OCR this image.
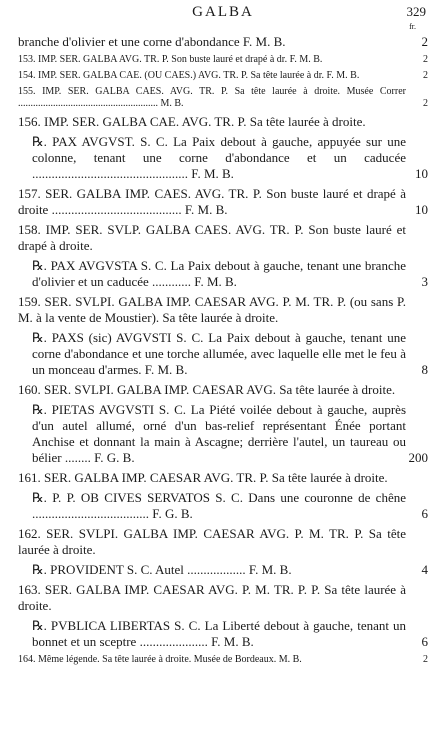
GALBA	329
fr.
branche d'olivier et une corne d'abondance F. M. B.	2
153. IMP. SER. GALBA AVG. TR. P. Son buste lauré et drapé à dr. F. M. B.	2
154. IMP. SER. GALBA CAE. (OU CAES.) AVG. TR. P. Sa tête laurée à dr. F. M. B.	2
155. IMP. SER. GALBA CAES. AVG. TR. P. Sa tête laurée à droite. Musée Correr ........................................................ M. B.	2
156. IMP. SER. GALBA CAE. AVG. TR. P. Sa tête laurée à droite.
℞. PAX AVGVST. S. C. La Paix debout à gauche, appuyée sur une colonne, tenant une corne d'abondance et un caducée ................................................ F. M. B.	10
157. SER. GALBA IMP. CAES. AVG. TR. P. Son buste lauré et drapé à droite ........................................ F. M. B.	10
158. IMP. SER. SVLP. GALBA CAES. AVG. TR. P. Son buste lauré et drapé à droite.
℞. PAX AVGVSTA S. C. La Paix debout à gauche, tenant une branche d'olivier et un caducée ............ F. M. B.	3
159. SER. SVLPI. GALBA IMP. CAESAR AVG. P. M. TR. P. (ou sans P. M. à la vente de Moustier). Sa tête laurée à droite.
℞. PAXS (sic) AVGVSTI S. C. La Paix debout à gauche, tenant une corne d'abondance et une torche allumée, avec laquelle elle met le feu à un monceau d'armes. F. M. B.	8
160. SER. SVLPI. GALBA IMP. CAESAR AVG. Sa tête laurée à droite.
℞. PIETAS AVGVSTI S. C. La Piété voilée debout à gauche, auprès d'un autel allumé, orné d'un bas-relief représentant Énée portant Anchise et donnant la main à Ascagne; derrière l'autel, un taureau ou bélier ........ F. G. B.	200
161. SER. GALBA IMP. CAESAR AVG. TR. P. Sa tête laurée à droite.
℞. P. P. OB CIVES SERVATOS S. C. Dans une couronne de chêne .................................... F. G. B.	6
162. SER. SVLPI. GALBA IMP. CAESAR AVG. P. M. TR. P. Sa tête laurée à droite.
℞. PROVIDENT S. C. Autel .................. F. M. B.	4
163. SER. GALBA IMP. CAESAR AVG. P. M. TR. P. P. Sa tête laurée à droite.
℞. PVBLICA LIBERTAS S. C. La Liberté debout à gauche, tenant un bonnet et un sceptre ..................... F. M. B.	6
164. Même légende. Sa tête laurée à droite. Musée de Bordeaux. M. B.	2
